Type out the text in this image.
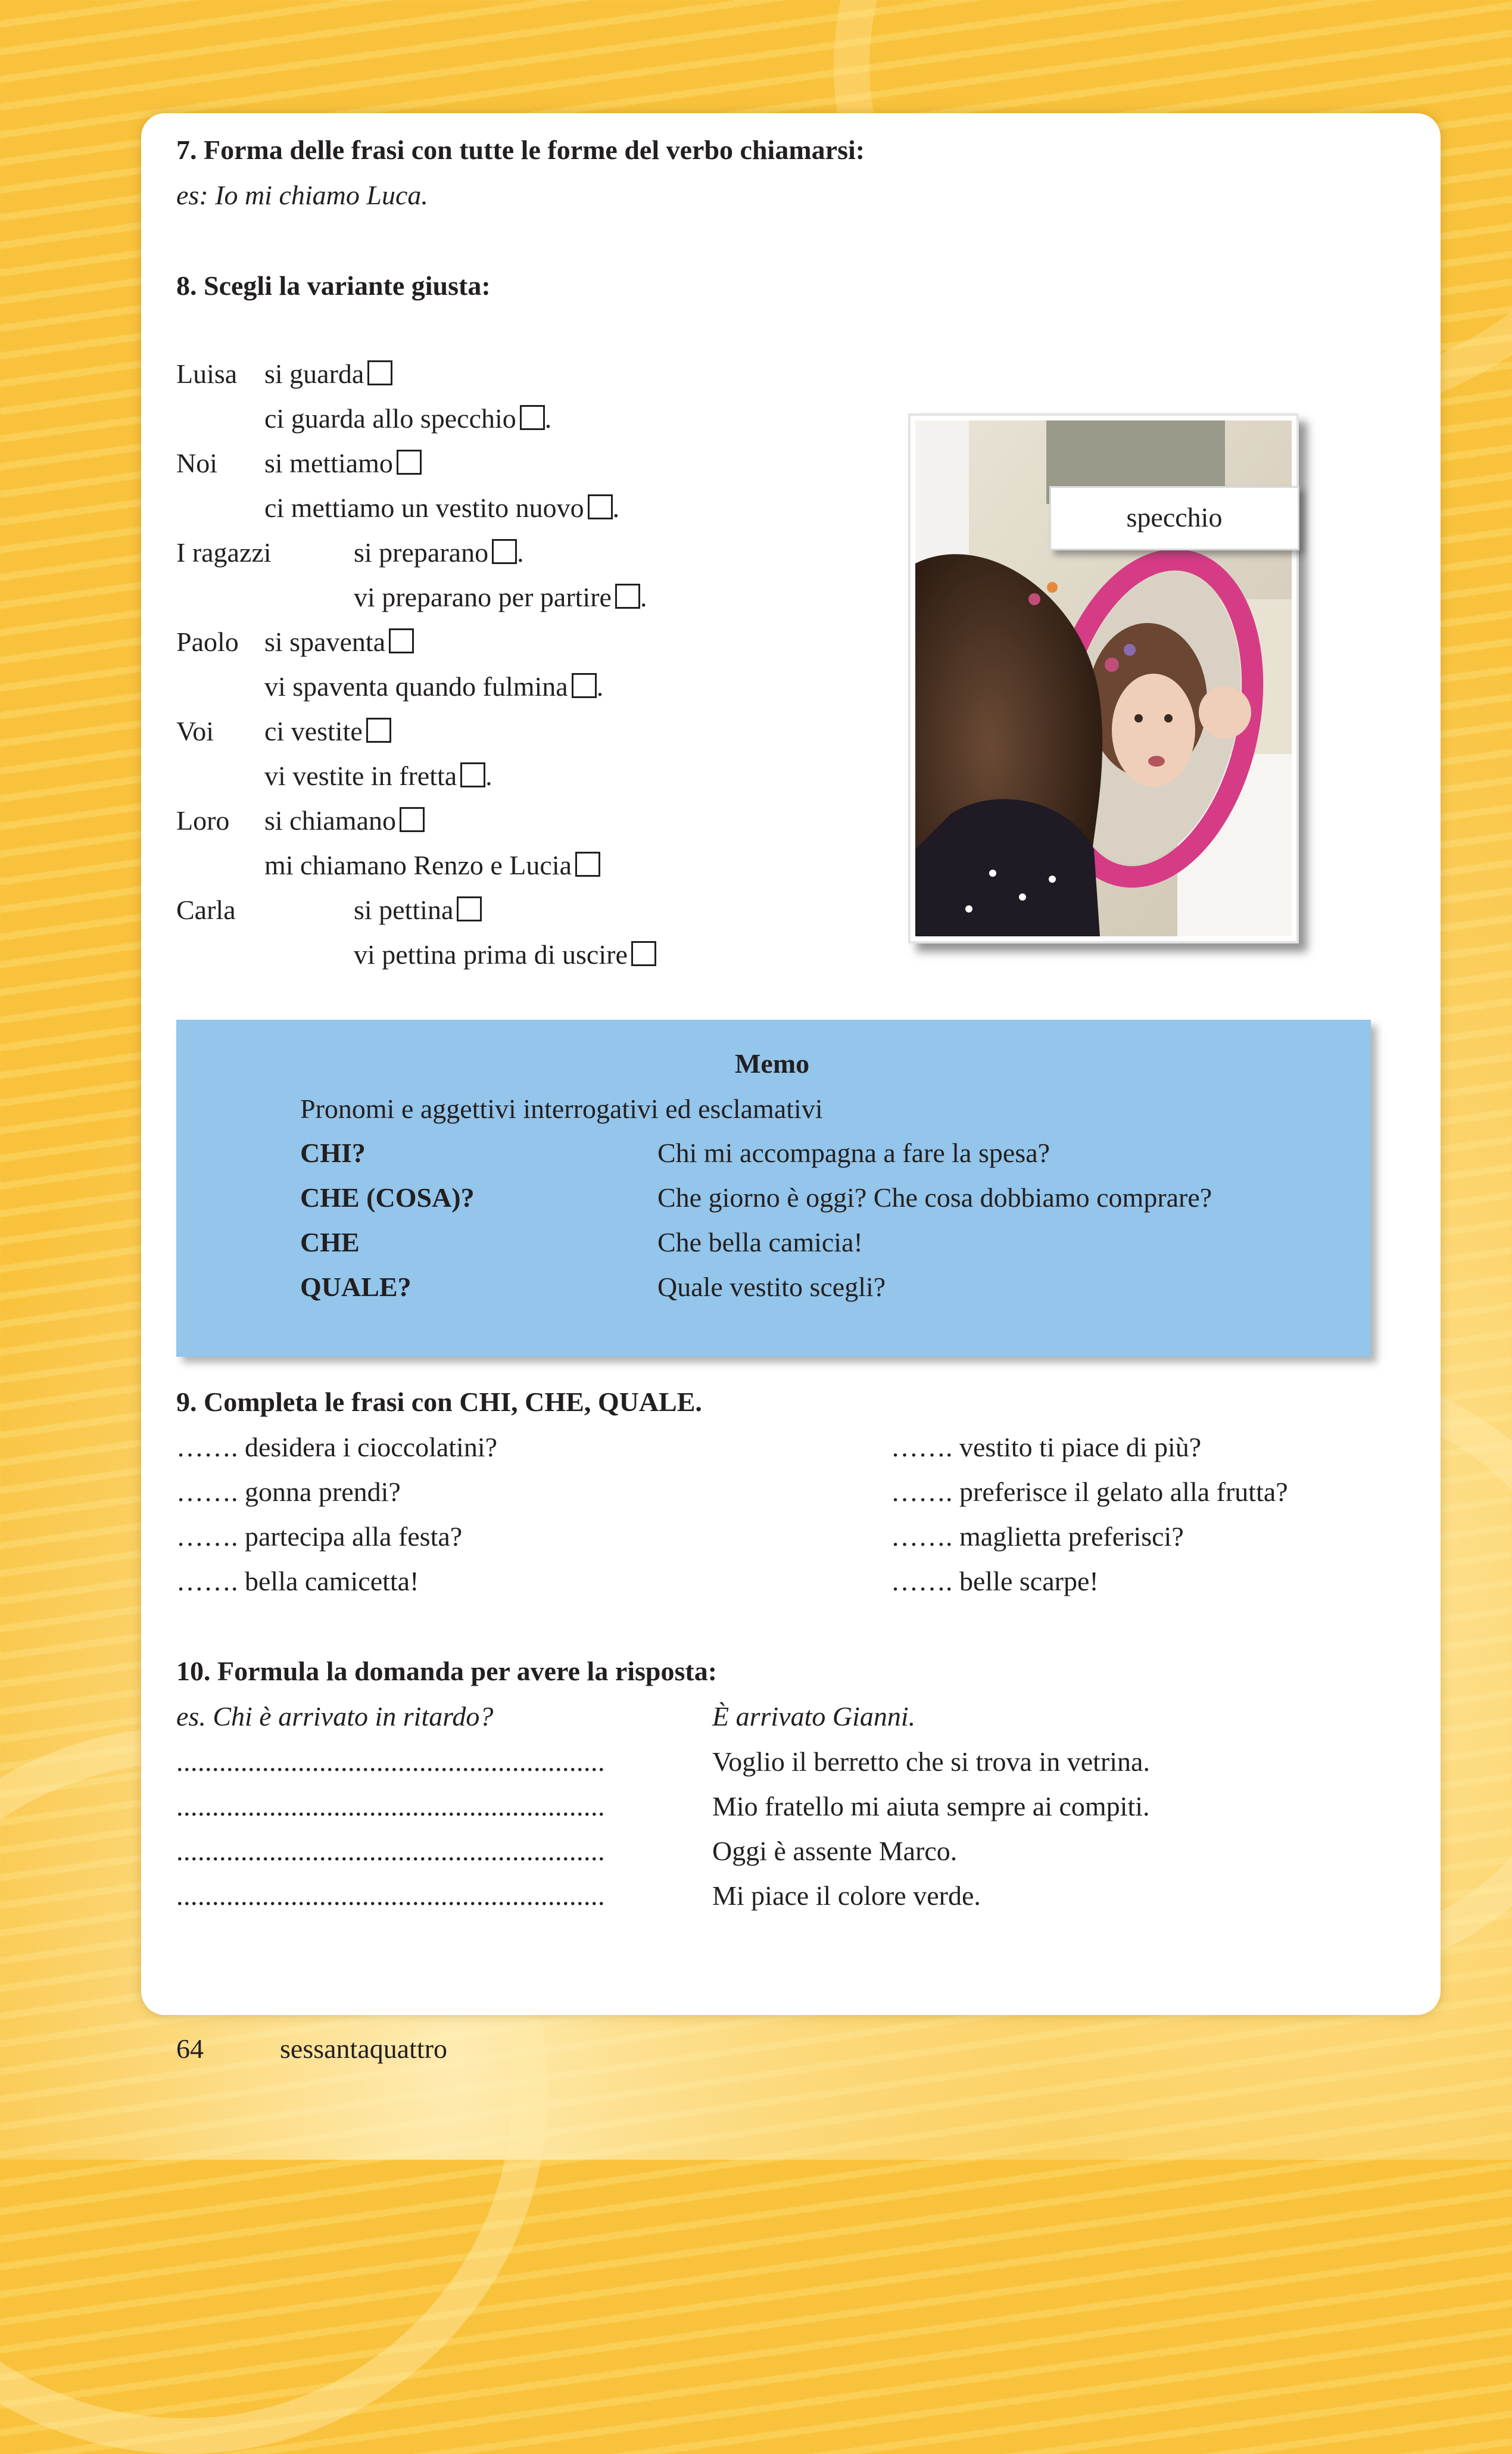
7. Forma delle frasi con tutte le forme del verbo chiamarsi:
es: Io mi chiamo Luca.
8. Scegli la variante giusta:
Luisa si guarda
ci guarda allo specchio .
Noi si mettiamo
ci mettiamo un vestito nuovo .
I ragazzi	si preparano .
vi preparano per partire .
Paolo si spaventa
vi spaventa quando fulmina .
Voi ci vestite
vi vestite in fretta .
Loro si chiamano
mi chiamano Renzo e Lucia
Carla	si pettina
vi pettina prima di uscire
specchio
Memo
Pronomi e aggettivi interrogativi ed esclamativi
CHI?	Chi mi accompagna a fare la spesa?
CHE (COSA)?	Che giorno è oggi? Che cosa dobbiamo comprare?
CHE	Che bella camicia!
QUALE?	Quale vestito scegli?
9. Completa le frasi con CHI, CHE, QUALE.
……. desidera i cioccolatini?	……. vestito ti piace di più?
……. gonna prendi?	……. preferisce il gelato alla frutta?
……. partecipa alla festa?	……. maglietta preferisci?
……. bella camicetta!	……. belle scarpe!
10. Formula la domanda per avere la risposta:
es. Chi è arrivato in ritardo?	È arrivato Gianni.
............................................................	Voglio il berretto che si trova in vetrina.
............................................................	Mio fratello mi aiuta sempre ai compiti.
............................................................	Oggi è assente Marco.
............................................................	Mi piace il colore verde.
64	sessantaquattro
